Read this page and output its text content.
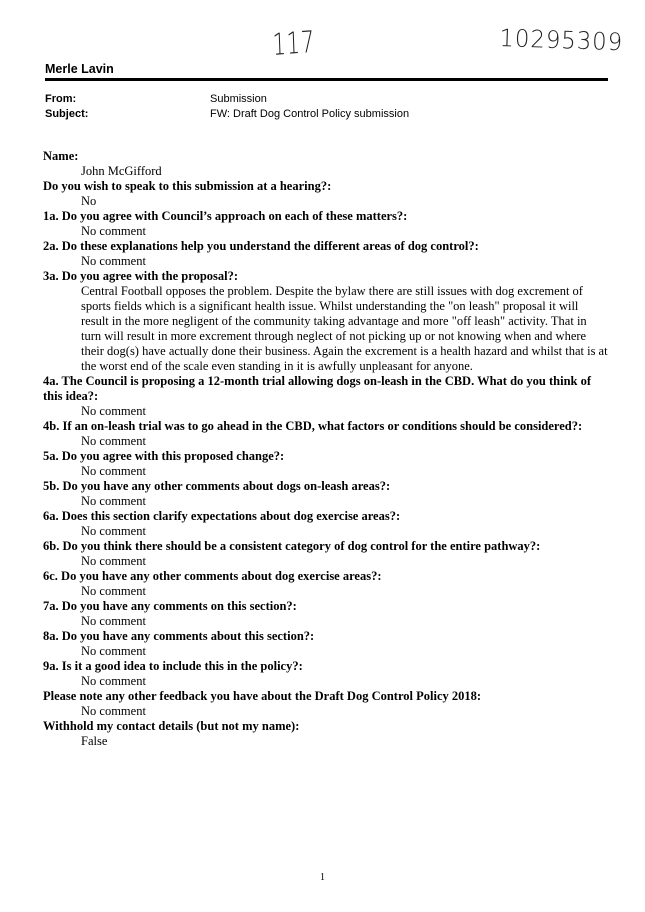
117	10295309
Merle Lavin
From:	Submission
Subject:	FW: Draft Dog Control Policy submission
Name:
John McGifford
Do you wish to speak to this submission at a hearing?:
No
1a. Do you agree with Council’s approach on each of these matters?:
No comment
2a. Do these explanations help you understand the different areas of dog control?:
No comment
3a. Do you agree with the proposal?:
Central Football opposes the problem. Despite the bylaw there are still issues with dog excrement of sports fields which is a significant health issue. Whilst understanding the "on leash" proposal it will result in the more negligent of the community taking advantage and more "off leash" activity. That in turn will result in more excrement through neglect of not picking up or not knowing when and where their dog(s) have actually done their business. Again the excrement is a health hazard and whilst that is at the worst end of the scale even standing in it is awfully unpleasant for anyone.
4a. The Council is proposing a 12-month trial allowing dogs on-leash in the CBD. What do you think of this idea?:
No comment
4b. If an on-leash trial was to go ahead in the CBD, what factors or conditions should be considered?:
No comment
5a. Do you agree with this proposed change?:
No comment
5b. Do you have any other comments about dogs on-leash areas?:
No comment
6a. Does this section clarify expectations about dog exercise areas?:
No comment
6b. Do you think there should be a consistent category of dog control for the entire pathway?:
No comment
6c. Do you have any other comments about dog exercise areas?:
No comment
7a. Do you have any comments on this section?:
No comment
8a. Do you have any comments about this section?:
No comment
9a. Is it a good idea to include this in the policy?:
No comment
Please note any other feedback you have about the Draft Dog Control Policy 2018:
No comment
Withhold my contact details (but not my name):
False
1
